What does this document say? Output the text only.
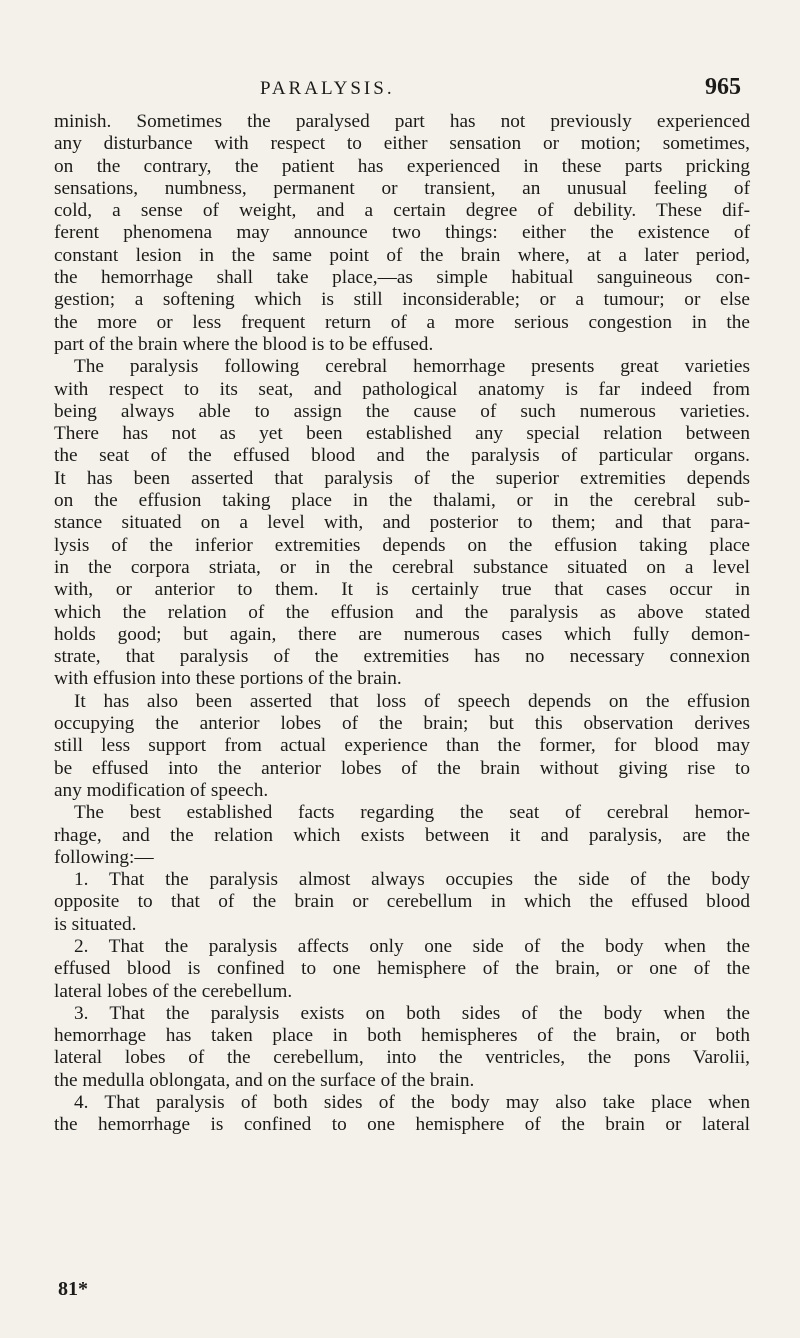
PARALYSIS.	965
minish. Sometimes the paralysed part has not previously experienced
any disturbance with respect to either sensation or motion; sometimes,
on the contrary, the patient has experienced in these parts pricking
sensations, numbness, permanent or transient, an unusual feeling of
cold, a sense of weight, and a certain degree of debility. These dif-
ferent phenomena may announce two things: either the existence of
constant lesion in the same point of the brain where, at a later period,
the hemorrhage shall take place,—as simple habitual sanguineous con-
gestion; a softening which is still inconsiderable; or a tumour; or else
the more or less frequent return of a more serious congestion in the
part of the brain where the blood is to be effused.
The paralysis following cerebral hemorrhage presents great varieties
with respect to its seat, and pathological anatomy is far indeed from
being always able to assign the cause of such numerous varieties.
There has not as yet been established any special relation between
the seat of the effused blood and the paralysis of particular organs.
It has been asserted that paralysis of the superior extremities depends
on the effusion taking place in the thalami, or in the cerebral sub-
stance situated on a level with, and posterior to them; and that para-
lysis of the inferior extremities depends on the effusion taking place
in the corpora striata, or in the cerebral substance situated on a level
with, or anterior to them. It is certainly true that cases occur in
which the relation of the effusion and the paralysis as above stated
holds good; but again, there are numerous cases which fully demon-
strate, that paralysis of the extremities has no necessary connexion
with effusion into these portions of the brain.
It has also been asserted that loss of speech depends on the effusion
occupying the anterior lobes of the brain; but this observation derives
still less support from actual experience than the former, for blood may
be effused into the anterior lobes of the brain without giving rise to
any modification of speech.
The best established facts regarding the seat of cerebral hemor-
rhage, and the relation which exists between it and paralysis, are the
following:—
1. That the paralysis almost always occupies the side of the body
opposite to that of the brain or cerebellum in which the effused blood
is situated.
2. That the paralysis affects only one side of the body when the
effused blood is confined to one hemisphere of the brain, or one of the
lateral lobes of the cerebellum.
3. That the paralysis exists on both sides of the body when the
hemorrhage has taken place in both hemispheres of the brain, or both
lateral lobes of the cerebellum, into the ventricles, the pons Varolii,
the medulla oblongata, and on the surface of the brain.
4. That paralysis of both sides of the body may also take place when
the hemorrhage is confined to one hemisphere of the brain or lateral
81*
